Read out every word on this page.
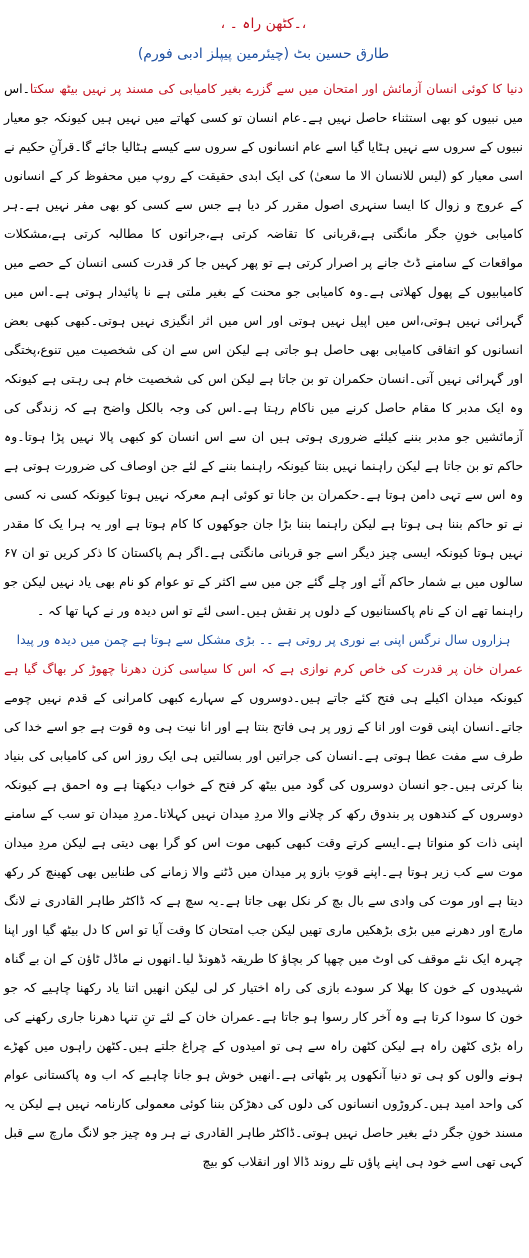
،۔کٹھن راہ ۔ ،
طارق حسین بٹ (چیئرمین پیپلز ادبی فورم)

دنیا کا کوئی انسان آزمائش اور امتحان میں سے گزرے بغیر کامیابی کی مسند پر نہیں بیٹھ سکتا۔اس میں نبیوں کو بھی استثناء حاصل نہیں ہے۔عام انسان تو کسی کھاتے میں نہیں ہیں کیونکہ جو معیار نبیوں کے سروں سے نہیں ہٹایا گیا اسے عام انسانوں کے سروں سے کیسے ہٹالیا جائے گا۔قرآنِ حکیم نے اسی معیار کو (لیس للانسان الا ما سعیٰ) کی ایک ابدی حقیقت کے روپ میں محفوظ کر کے انسانوں کے عروج و زوال کا ایسا سنہری اصول مقرر کر دیا ہے جس سے کسی کو بھی مفر نہیں ہے۔ہر کامیابی خونِ جگر مانگتی ہے،قربانی کا تقاضہ کرتی ہے،جراتوں کا مطالبہ کرتی ہے،مشکلات مواقعات کے سامنے ڈٹ جانے پر اصرار کرتی ہے تو پھر کہیں جا کر قدرت کسی انسان کے حصے میں کامیابیوں کے پھول کھلاتی ہے۔وہ کامیابی جو محنت کے بغیر ملتی ہے نا پائیدار ہوتی ہے۔اس میں گہرائی نہیں ہوتی،اس میں اپیل نہیں ہوتی اور اس میں اثر انگیزی نہیں ہوتی۔کبھی کبھی بعض انسانوں کو اتفاقی کامیابی بھی حاصل ہو جاتی ہے لیکن اس سے ان کی شخصیت میں تنوع،پختگی اور گہرائی نہیں آتی۔انسان حکمران تو بن جاتا ہے لیکن اس کی شخصیت خام ہی رہتی ہے کیونکہ وہ ایک مدبر کا مقام حاصل کرنے میں ناکام رہتا ہے۔اس کی وجہ بالکل واضح ہے کہ زندگی کی آزمائشیں جو مدبر بننے کیلئے ضروری ہوتی ہیں ان سے اس انسان کو کبھی پالا نہیں پڑا ہوتا۔وہ حاکم تو بن جاتا ہے لیکن راہنما نہیں بنتا کیونکہ راہنما بننے کے لئے جن اوصاف کی ضرورت ہوتی ہے وہ اس سے تہی دامن ہوتا ہے۔حکمران بن جانا تو کوئی اہم معرکہ نہیں ہوتا کیونکہ کسی نہ کسی نے تو حاکم بننا ہی ہوتا ہے لیکن راہنما بننا بڑا جان جوکھوں کا کام ہوتا ہے اور یہ ہرا یک کا مقدر نہیں ہوتا کیونکہ ایسی چیز دیگر اسے جو قربانی مانگتی ہے۔اگر ہم پاکستان کا ذکر کریں تو ان ۶۷ سالوں میں بے شمار حاکم آئے اور چلے گئے جن میں سے اکثر کے تو عوام کو نام بھی یاد نہیں لیکن جو راہنما تھے ان کے نام پاکستانیوں کے دلوں پر نقش ہیں۔اسی لئے تو اس دیدہ ور نے کہا تھا کہ ۔

ہزاروں سال نرگس اپنی بے نوری پر روتی ہے ۔۔ بڑی مشکل سے ہوتا ہے چمن میں دیدہ ور پیدا

عمران خان پر قدرت کی خاص کرم نوازی ہے کہ اس کا سیاسی کزن دھرنا چھوڑ کر بھاگ گیا ہے کیونکہ میدان اکیلے ہی فتح کئے جاتے ہیں۔دوسروں کے سہارے کبھی کامرانی کے قدم نہیں چومے جاتے۔انسان اپنی قوت اور انا کے زور پر ہی فاتح بنتا ہے اور انا نیت ہی وہ قوت ہے جو اسے خدا کی طرف سے مفت عطا ہوتی ہے۔انسان کی جراتیں اور بسالتیں ہی ایک روز اس کی کامیابی کی بنیاد بنا کرتی ہیں۔جو انسان دوسروں کی گود میں بیٹھ کر فتح کے خواب دیکھتا ہے وہ احمق ہے کیونکہ دوسروں کے کندھوں پر بندوق رکھ کر چلانے والا مردِ میدان نہیں کہلاتا۔مردِ میدان تو سب کے سامنے اپنی ذات کو منواتا ہے۔ایسے کرتے وقت کبھی کبھی موت اس کو گرا بھی دیتی ہے لیکن مردِ میدان موت سے کب زیر ہوتا ہے۔اپنے قوتِ بازو پر میدان میں ڈٹنے والا زمانے کی طنابیں بھی کھینچ کر رکھ دیتا ہے اور موت کی وادی سے بال بچ کر نکل بھی جاتا ہے۔یہ سچ ہے کہ ڈاکٹر طاہر القادری نے لانگ مارچ اور دھرنے میں بڑی بڑھکیں ماری تھیں لیکن جب امتحان کا وقت آیا تو اس کا دل بیٹھ گیا اور اپنا چہرہ ایک نئے موقف کی اوٹ میں چھپا کر بچاؤ کا طریقہ ڈھونڈ لیا۔انھوں نے ماڈل ٹاؤن کے ان بے گناہ شہیدوں کے خون کا بھلا کر سودے بازی کی راہ اختیار کر لی لیکن انھیں اتنا یاد رکھنا چاہیے کہ جو خون کا سودا کرتا ہے وہ آخر کار رسوا ہو جاتا ہے۔عمران خان کے لئے تنِ تنہا دھرنا جاری رکھنے کی راہ بڑی کٹھن راہ ہے لیکن کٹھن راہ سے ہی تو امیدوں کے چراغ جلتے ہیں۔کٹھن راہوں میں کھڑے ہونے والوں کو ہی تو دنیا آنکھوں پر بٹھاتی ہے۔انھیں خوش ہو جانا چاہیے کہ اب وہ پاکستانی عوام کی واحد امید ہیں۔کروڑوں انسانوں کی دلوں کی دھڑکن بننا کوئی معمولی کارنامہ نہیں ہے لیکن یہ مسند خونِ جگر دئے بغیر حاصل نہیں ہوتی۔ڈاکٹر طاہر القادری نے ہر وہ چیز جو لانگ مارچ سے قبل کہی تھی اسے خود ہی اپنے پاؤں تلے روند ڈالا اور انقلاب کو بیچ
